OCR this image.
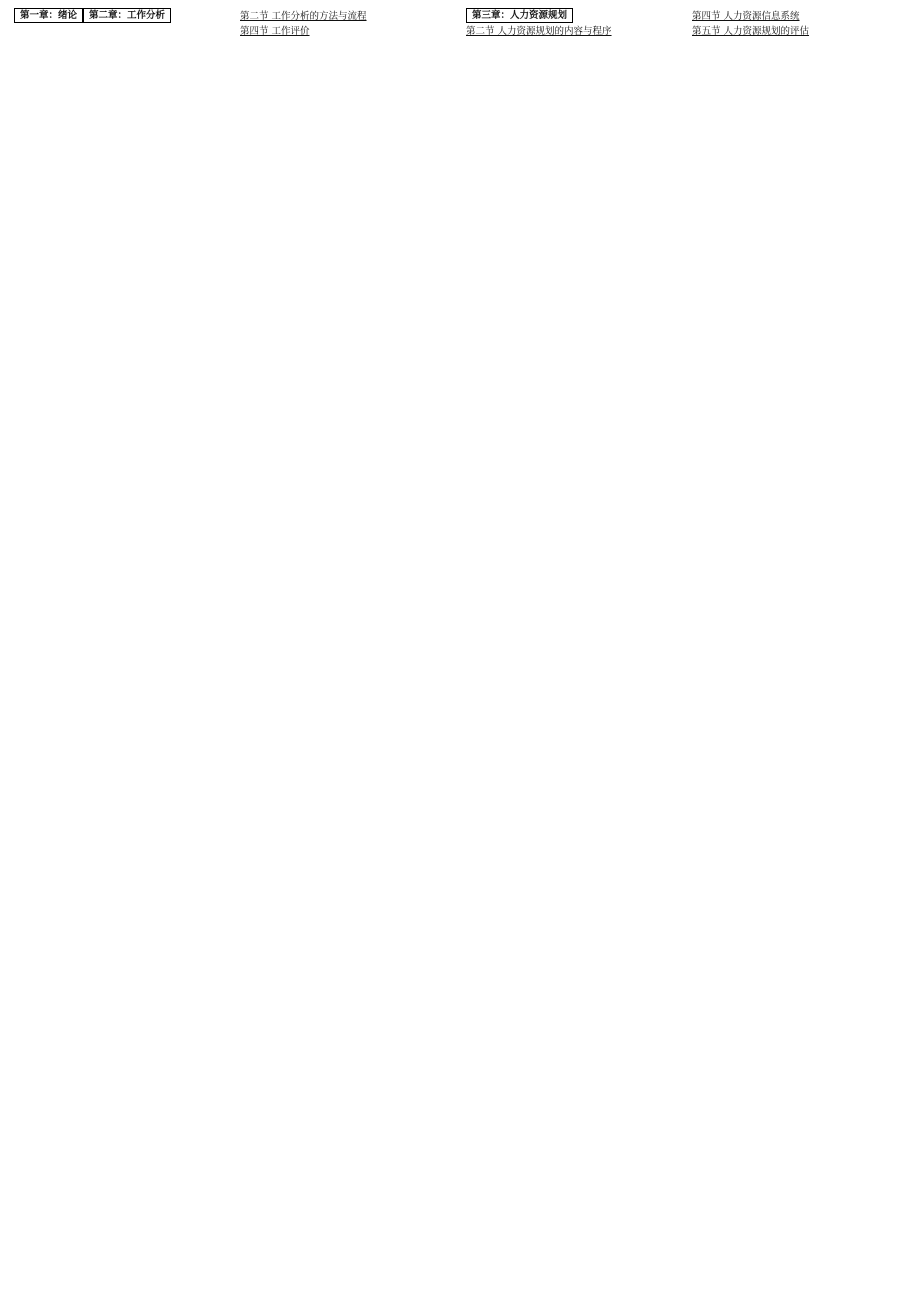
第一章：绪论 第二章：工作分析	第二节 工作分析的方法与流程
第四节 工作评价
第三章：人力资源规划
第二节 人力资源规划的内容与程序
第四节 人力资源信息系统
第五节 人力资源规划的评估
